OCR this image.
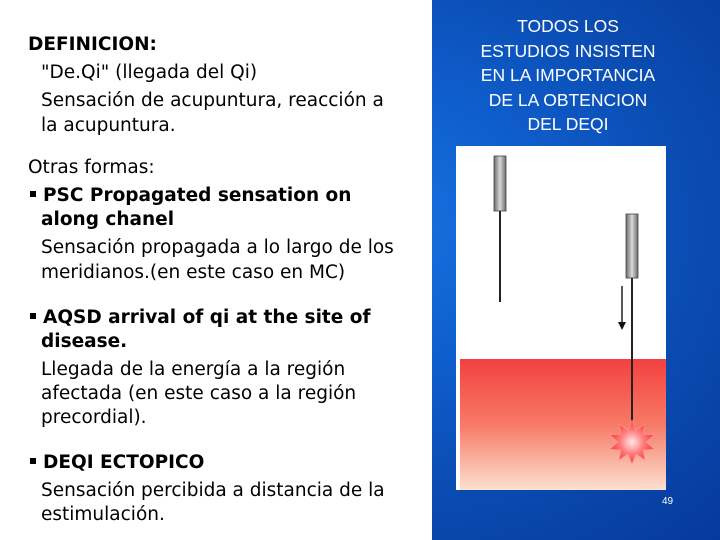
DEFINICION:
"De.Qi" (llegada del Qi)
Sensación de acupuntura, reacción a
la acupuntura.
Otras formas:
PSC Propagated sensation on
along chanel
Sensación propagada a lo largo de los
meridianos.(en este caso en MC)
AQSD arrival of qi at the site of
disease.
Llegada de la energía a la región
afectada (en este caso a la región
precordial).
DEQI ECTOPICO
Sensación percibida a distancia de la
estimulación.
TODOS LOS
ESTUDIOS INSISTEN
EN LA IMPORTANCIA
DE LA OBTENCION
DEL DEQI
49
